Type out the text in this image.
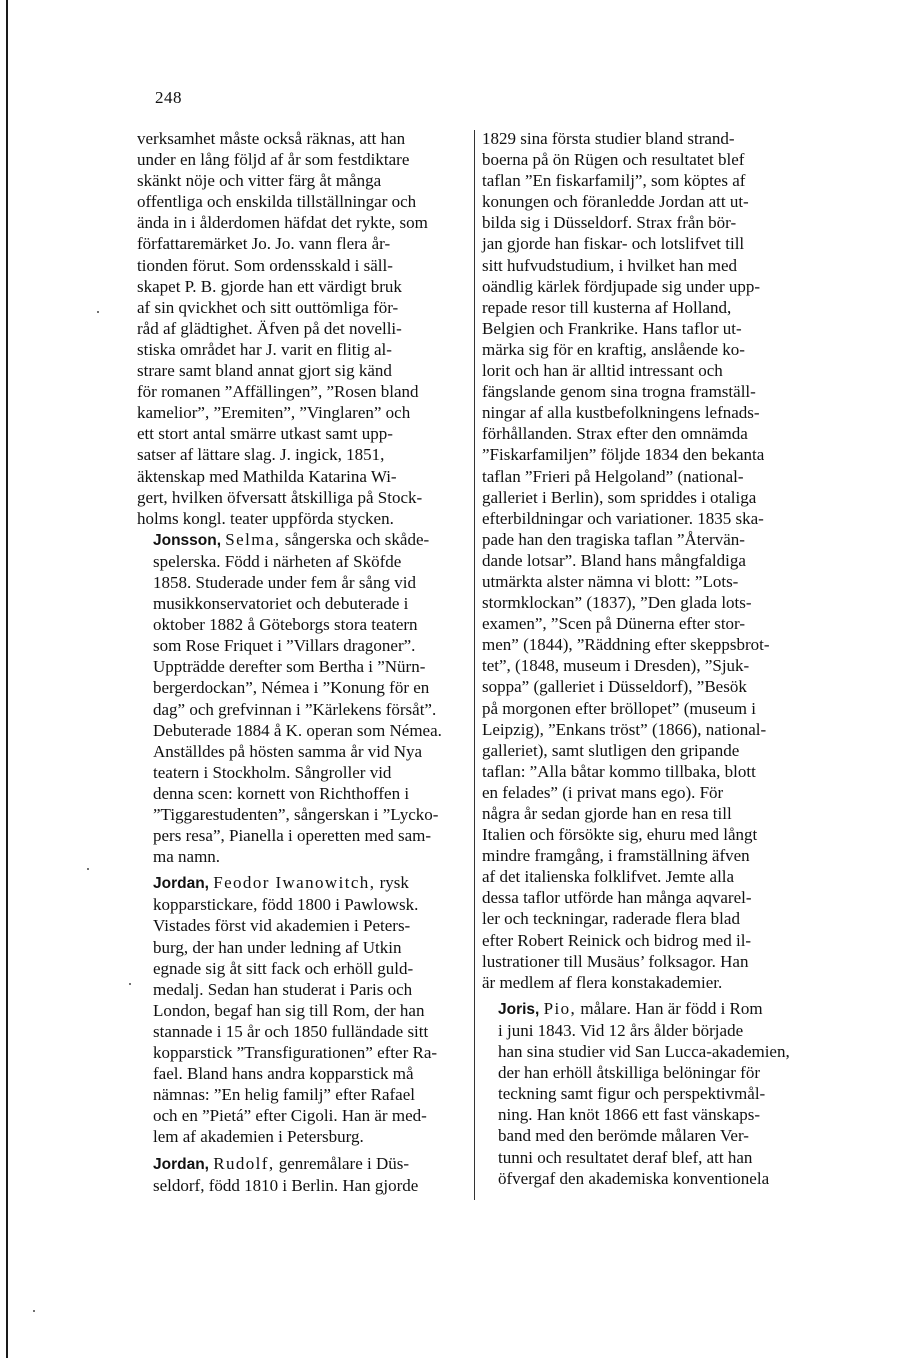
248
verksamhet måste också räknas, att han
under en lång följd af år som festdiktare
skänkt nöje och vitter färg åt många
offentliga och enskilda tillställningar och
ända in i ålderdomen häfdat det rykte, som
författaremärket Jo. Jo. vann flera år-
tionden förut. Som ordensskald i säll-
skapet P. B. gjorde han ett värdigt bruk
af sin qvickhet och sitt outtömliga för-
råd af glädtighet. Äfven på det novelli-
stiska området har J. varit en flitig al-
strare samt bland annat gjort sig känd
för romanen ”Affällingen”, ”Rosen bland
kamelior”, ”Eremiten”, ”Vinglaren” och
ett stort antal smärre utkast samt upp-
satser af lättare slag. J. ingick, 1851,
äktenskap med Mathilda Katarina Wi-
gert, hvilken öfversatt åtskilliga på Stock-
holms kongl. teater uppförda stycken.
Jonsson, Selma, sångerska och skåde-
spelerska. Född i närheten af Sköfde
1858. Studerade under fem år sång vid
musikkonservatoriet och debuterade i
oktober 1882 å Göteborgs stora teatern
som Rose Friquet i ”Villars dragoner”.
Uppträdde derefter som Bertha i ”Nürn-
bergerdockan”, Némea i ”Konung för en
dag” och grefvinnan i ”Kärlekens försåt”.
Debuterade 1884 å K. operan som Némea.
Anställdes på hösten samma år vid Nya
teatern i Stockholm. Sångroller vid
denna scen: kornett von Richthoffen i
”Tiggarestudenten”, sångerskan i ”Lycko-
pers resa”, Pianella i operetten med sam-
ma namn.
Jordan, Feodor Iwanowitch, rysk
kopparstickare, född 1800 i Pawlowsk.
Vistades först vid akademien i Peters-
burg, der han under ledning af Utkin
egnade sig åt sitt fack och erhöll guld-
medalj. Sedan han studerat i Paris och
London, begaf han sig till Rom, der han
stannade i 15 år och 1850 fulländade sitt
kopparstick ”Transfigurationen” efter Ra-
fael. Bland hans andra kopparstick må
nämnas: ”En helig familj” efter Rafael
och en ”Pietá” efter Cigoli. Han är med-
lem af akademien i Petersburg.
Jordan, Rudolf, genremålare i Düs-
seldorf, född 1810 i Berlin. Han gjorde
1829 sina första studier bland strand-
boerna på ön Rügen och resultatet blef
taflan ”En fiskarfamilj”, som köptes af
konungen och föranledde Jordan att ut-
bilda sig i Düsseldorf. Strax från bör-
jan gjorde han fiskar- och lotslifvet till
sitt hufvudstudium, i hvilket han med
oändlig kärlek fördjupade sig under upp-
repade resor till kusterna af Holland,
Belgien och Frankrike. Hans taflor ut-
märka sig för en kraftig, anslående ko-
lorit och han är alltid intressant och
fängslande genom sina trogna framställ-
ningar af alla kustbefolkningens lefnads-
förhållanden. Strax efter den omnämda
”Fiskarfamiljen” följde 1834 den bekanta
taflan ”Frieri på Helgoland” (national-
galleriet i Berlin), som spriddes i otaliga
efterbildningar och variationer. 1835 ska-
pade han den tragiska taflan ”Återvän-
dande lotsar”. Bland hans mångfaldiga
utmärkta alster nämna vi blott: ”Lots-
stormklockan” (1837), ”Den glada lots-
examen”, ”Scen på Dünerna efter stor-
men” (1844), ”Räddning efter skeppsbrot-
tet”, (1848, museum i Dresden), ”Sjuk-
soppa” (galleriet i Düsseldorf), ”Besök
på morgonen efter bröllopet” (museum i
Leipzig), ”Enkans tröst” (1866), national-
galleriet), samt slutligen den gripande
taflan: ”Alla båtar kommo tillbaka, blott
en felades” (i privat mans ego). För
några år sedan gjorde han en resa till
Italien och försökte sig, ehuru med långt
mindre framgång, i framställning äfven
af det italienska folklifvet. Jemte alla
dessa taflor utförde han många aqvarel-
ler och teckningar, raderade flera blad
efter Robert Reinick och bidrog med il-
lustrationer till Musäus’ folksagor. Han
är medlem af flera konstakademier.
Joris, Pio, målare. Han är född i Rom
i juni 1843. Vid 12 års ålder började
han sina studier vid San Lucca-akademien,
der han erhöll åtskilliga belöningar för
teckning samt figur och perspektivmål-
ning. Han knöt 1866 ett fast vänskaps-
band med den berömde målaren Ver-
tunni och resultatet deraf blef, att han
öfvergaf den akademiska konventionela
